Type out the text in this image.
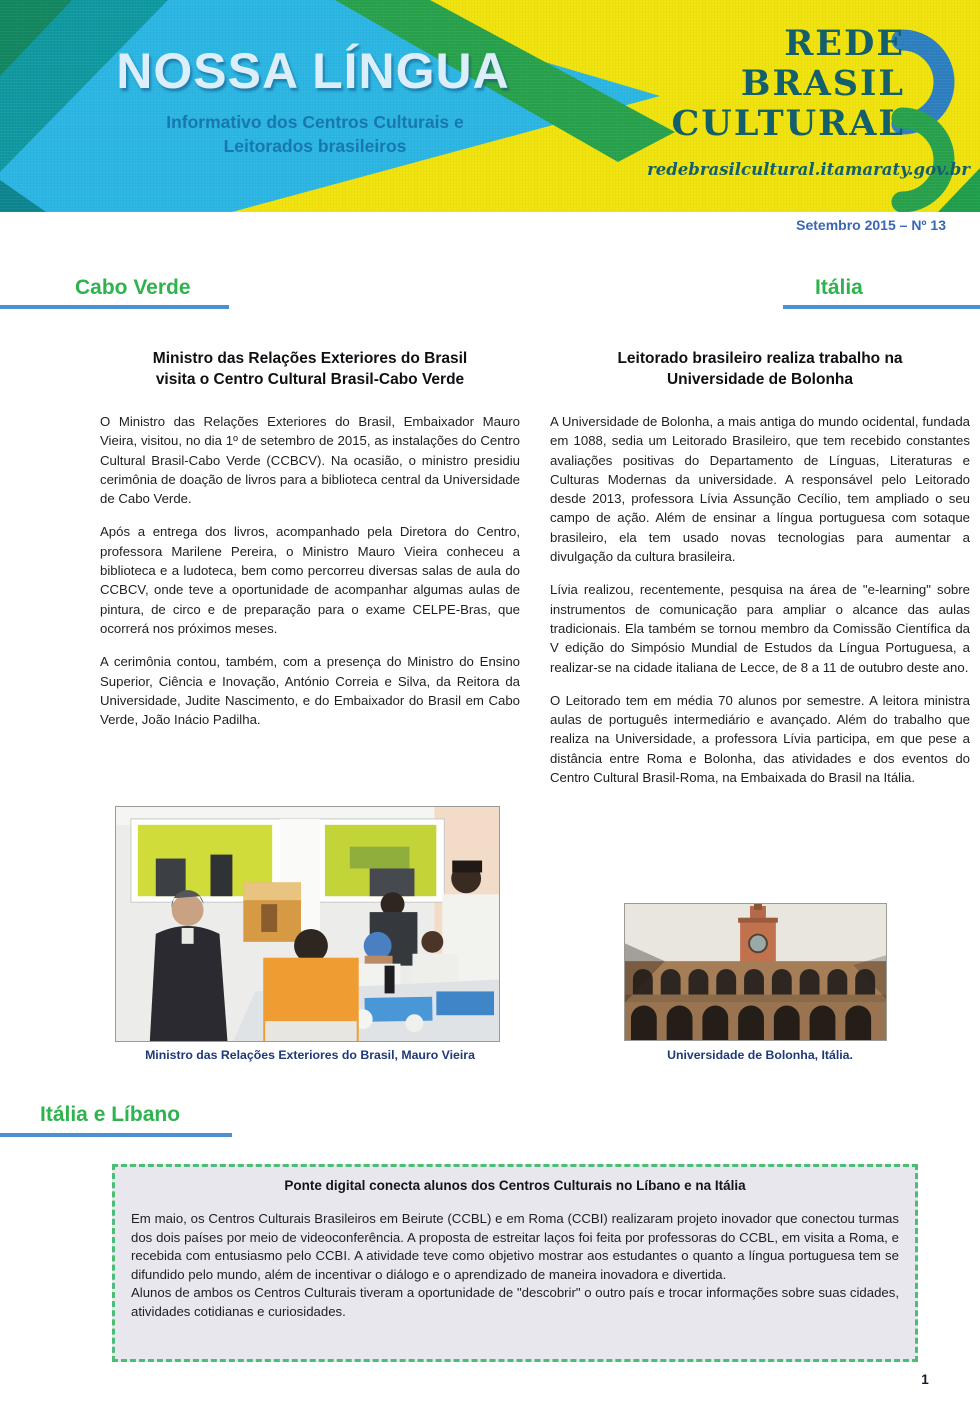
NOSSA LÍNGUA
Informativo dos Centros Culturais e
Leitorados brasileiros
REDE
BRASIL
CULTURAL
redebrasilcultural.itamaraty.gov.br
Setembro 2015 – Nº 13
Cabo Verde	Itália
Ministro das Relações Exteriores do Brasil
visita o Centro Cultural Brasil-Cabo Verde

O Ministro das Relações Exteriores do Brasil, Embaixador Mauro Vieira, visitou, no dia 1º de setembro de 2015, as instalações do Centro Cultural Brasil-Cabo Verde (CCBCV). Na ocasião, o ministro presidiu cerimônia de doação de livros para a biblioteca central da Universidade de Cabo Verde.

Após a entrega dos livros, acompanhado pela Diretora do Centro, professora Marilene Pereira, o Ministro Mauro Vieira conheceu a biblioteca e a ludoteca, bem como percorreu diversas salas de aula do CCBCV, onde teve a oportunidade de acompanhar algumas aulas de pintura, de circo e de preparação para o exame CELPE-Bras, que ocorrerá nos próximos meses.

A cerimônia contou, também, com a presença do Ministro do Ensino Superior, Ciência e Inovação, António Correia e Silva, da Reitora da Universidade, Judite Nascimento, e do Embaixador do Brasil em Cabo Verde, João Inácio Padilha.

Leitorado brasileiro realiza trabalho na
Universidade de Bolonha

A Universidade de Bolonha, a mais antiga do mundo ocidental, fundada em 1088, sedia um Leitorado Brasileiro, que tem recebido constantes avaliações positivas do Departamento de Línguas, Literaturas e Culturas Modernas da universidade. A responsável pelo Leitorado desde 2013, professora Lívia Assunção Cecílio, tem ampliado o seu campo de ação. Além de ensinar a língua portuguesa com sotaque brasileiro, ela tem usado novas tecnologias para aumentar a divulgação da cultura brasileira.

Lívia realizou, recentemente, pesquisa na área de "e-learning" sobre instrumentos de comunicação para ampliar o alcance das aulas tradicionais. Ela também se tornou membro da Comissão Científica da V edição do Simpósio Mundial de Estudos da Língua Portuguesa, a realizar-se na cidade italiana de Lecce, de 8 a 11 de outubro deste ano.

O Leitorado tem em média 70 alunos por semestre. A leitora ministra aulas de português intermediário e avançado. Além do trabalho que realiza na Universidade, a professora Lívia participa, em que pese a distância entre Roma e Bolonha, das atividades e dos eventos do Centro Cultural Brasil-Roma, na Embaixada do Brasil na Itália.

Ministro das Relações Exteriores do Brasil, Mauro Vieira	Universidade de Bolonha, Itália.
Itália e Líbano
Ponte digital conecta alunos dos Centros Culturais no Líbano e na Itália

Em maio, os Centros Culturais Brasileiros em Beirute (CCBL) e em Roma (CCBI) realizaram projeto inovador que conectou turmas dos dois países por meio de videoconferência. A proposta de estreitar laços foi feita por professoras do CCBL, em visita a Roma, e recebida com entusiasmo pelo CCBI. A atividade teve como objetivo mostrar aos estudantes o quanto a língua portuguesa tem se difundido pelo mundo, além de incentivar o diálogo e o aprendizado de maneira inovadora e divertida.

Alunos de ambos os Centros Culturais tiveram a oportunidade de "descobrir" o outro país e trocar informações sobre suas cidades, atividades cotidianas e curiosidades.

1
